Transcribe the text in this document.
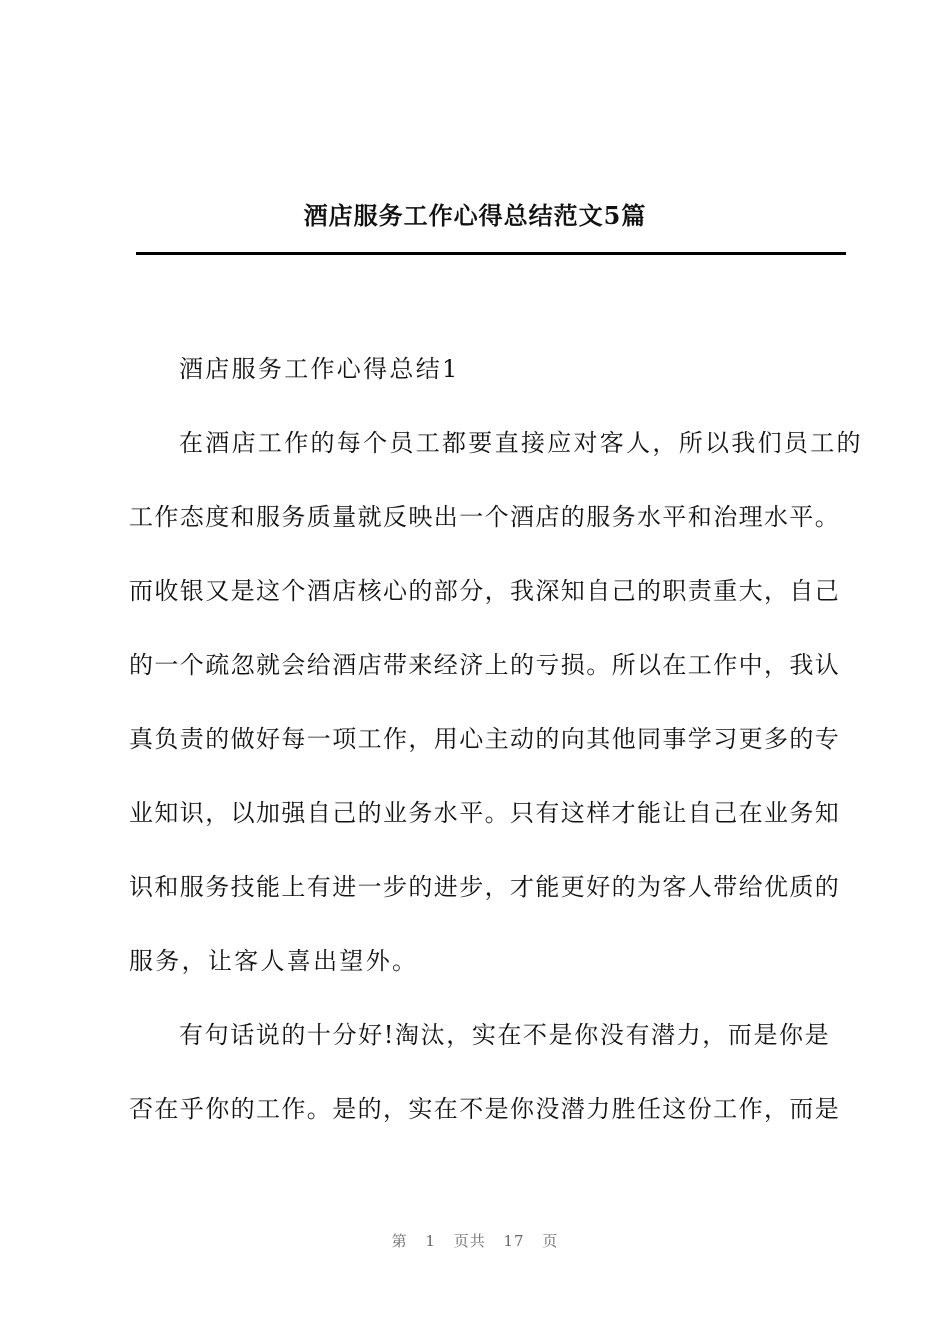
酒店服务工作心得总结范文5篇
酒店服务工作心得总结1
在酒店工作的每个员工都要直接应对客人，所以我们员工的
工作态度和服务质量就反映出一个酒店的服务水平和治理水平。
而收银又是这个酒店核心的部分，我深知自己的职责重大，自己
的一个疏忽就会给酒店带来经济上的亏损。所以在工作中，我认
真负责的做好每一项工作，用心主动的向其他同事学习更多的专
业知识，以加强自己的业务水平。只有这样才能让自己在业务知
识和服务技能上有进一步的进步，才能更好的为客人带给优质的
服务，让客人喜出望外。
有句话说的十分好!淘汰，实在不是你没有潜力，而是你是
否在乎你的工作。是的，实在不是你没潜力胜任这份工作，而是
第 1 页共 17 页
